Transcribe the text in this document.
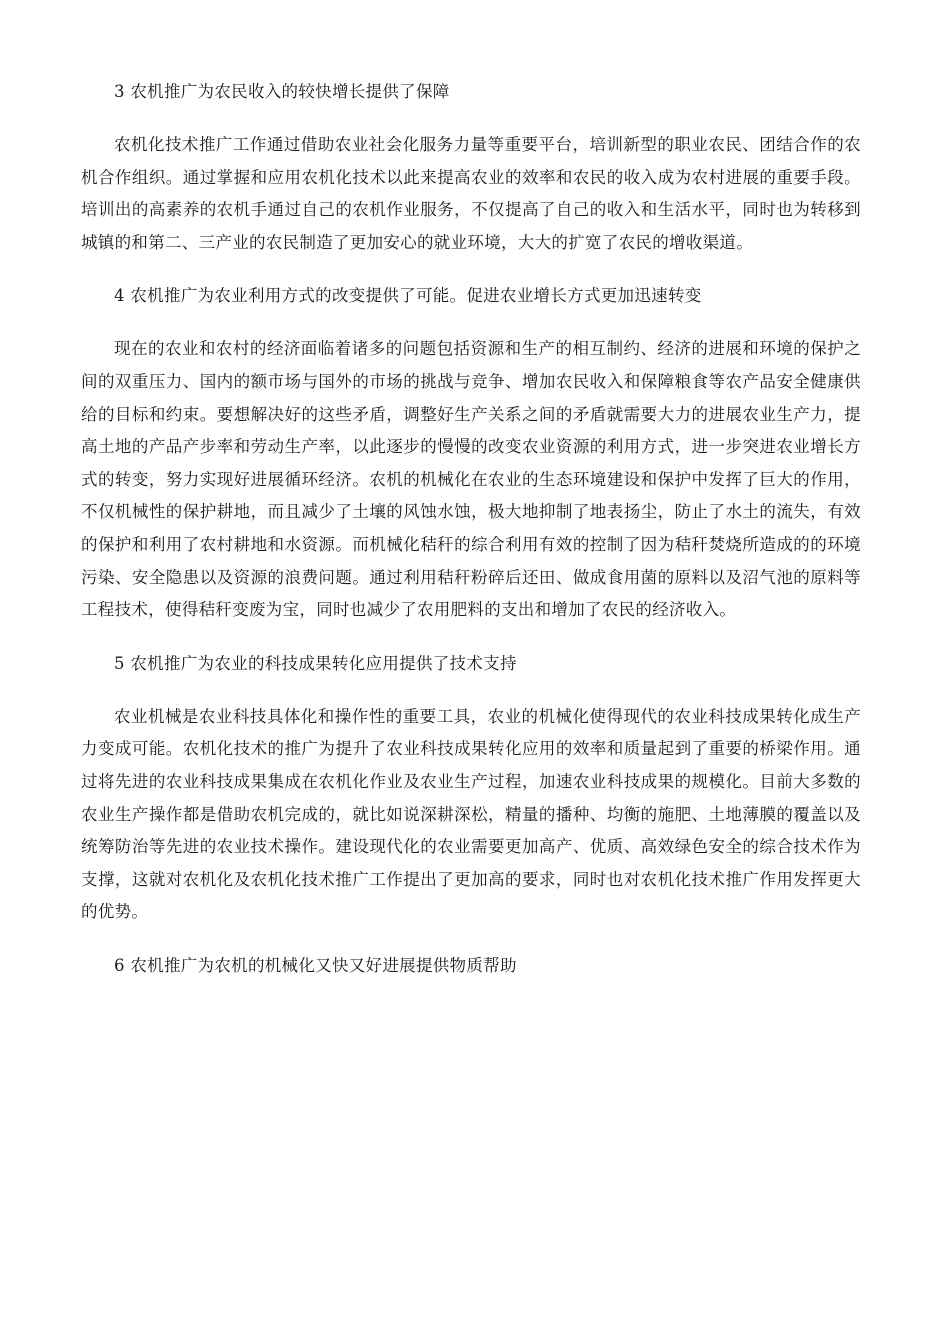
3 农机推广为农民收入的较快增长提供了保障
农机化技术推广工作通过借助农业社会化服务力量等重要平台，培训新型的职业农民、团结合作的农机合作组织。通过掌握和应用农机化技术以此来提高农业的效率和农民的收入成为农村进展的重要手段。培训出的高素养的农机手通过自己的农机作业服务，不仅提高了自己的收入和生活水平，同时也为转移到城镇的和第二、三产业的农民制造了更加安心的就业环境，大大的扩宽了农民的增收渠道。
4 农机推广为农业利用方式的改变提供了可能。促进农业增长方式更加迅速转变
现在的农业和农村的经济面临着诸多的问题包括资源和生产的相互制约、经济的进展和环境的保护之间的双重压力、国内的额市场与国外的市场的挑战与竞争、增加农民收入和保障粮食等农产品安全健康供给的目标和约束。要想解决好的这些矛盾，调整好生产关系之间的矛盾就需要大力的进展农业生产力，提高土地的产品产步率和劳动生产率，以此逐步的慢慢的改变农业资源的利用方式，进一步突进农业增长方式的转变，努力实现好进展循环经济。农机的机械化在农业的生态环境建设和保护中发挥了巨大的作用，不仅机械性的保护耕地，而且减少了土壤的风蚀水蚀，极大地抑制了地表扬尘，防止了水土的流失，有效的保护和利用了农村耕地和水资源。而机械化秸秆的综合利用有效的控制了因为秸秆焚烧所造成的的环境污染、安全隐患以及资源的浪费问题。通过利用秸秆粉碎后还田、做成食用菌的原料以及沼气池的原料等工程技术，使得秸秆变废为宝，同时也减少了农用肥料的支出和增加了农民的经济收入。
5 农机推广为农业的科技成果转化应用提供了技术支持
农业机械是农业科技具体化和操作性的重要工具，农业的机械化使得现代的农业科技成果转化成生产力变成可能。农机化技术的推广为提升了农业科技成果转化应用的效率和质量起到了重要的桥梁作用。通过将先进的农业科技成果集成在农机化作业及农业生产过程，加速农业科技成果的规模化。目前大多数的农业生产操作都是借助农机完成的，就比如说深耕深松，精量的播种、均衡的施肥、土地薄膜的覆盖以及统筹防治等先进的农业技术操作。建设现代化的农业需要更加高产、优质、高效绿色安全的综合技术作为支撑，这就对农机化及农机化技术推广工作提出了更加高的要求，同时也对农机化技术推广作用发挥更大的优势。
6 农机推广为农机的机械化又快又好进展提供物质帮助
